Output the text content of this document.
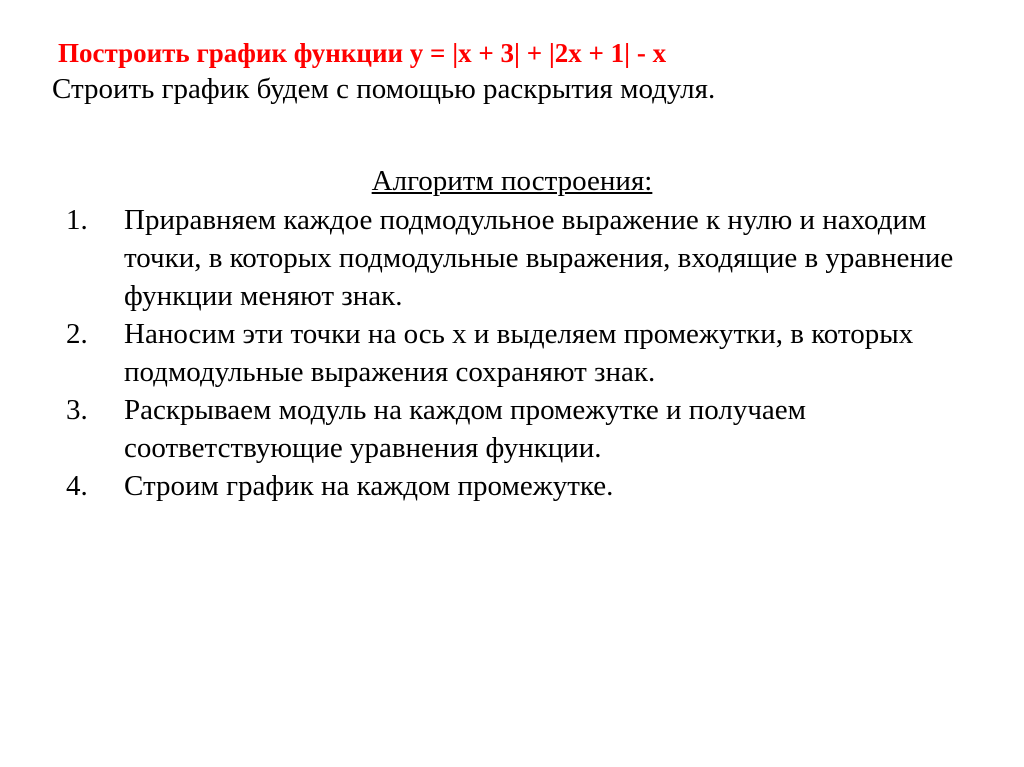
Построить график функции y = |x + 3| + |2x + 1| - x

Строить график будем с помощью раскрытия модуля.

Алгоритм построения:
1.	Приравняем каждое подмодульное выражение к нулю и находим точки, в которых подмодульные выражения, входящие в уравнение функции меняют знак.
2.	Наносим эти точки на ось х и выделяем промежутки, в которых подмодульные выражения сохраняют знак.
3.	Раскрываем модуль на каждом промежутке и получаем соответствующие уравнения функции.
4.	Строим график на каждом промежутке.
